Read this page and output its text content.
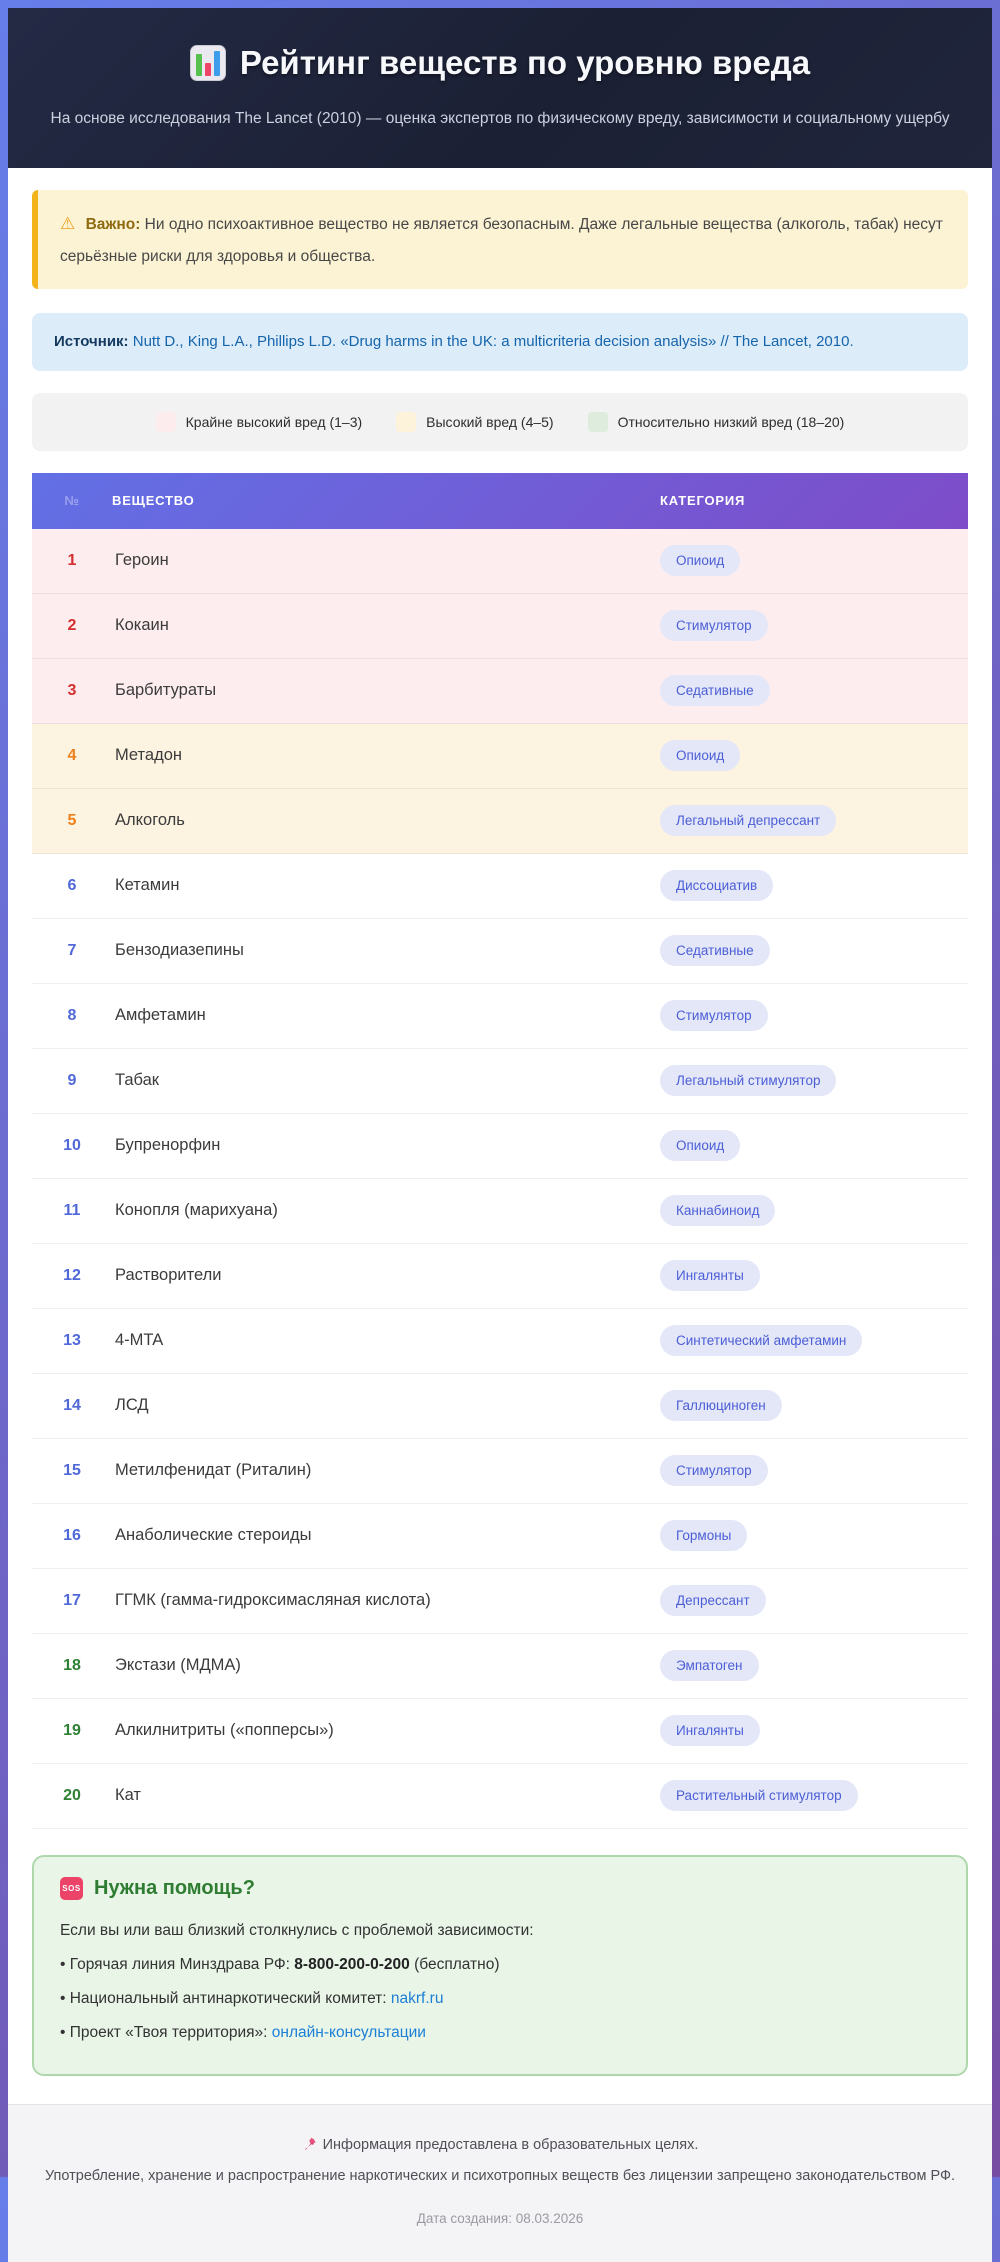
Рейтинг веществ по уровню вреда
На основе исследования The Lancet (2010) — оценка экспертов по физическому вреду, зависимости и социальному ущербу
⚠ Важно: Ни одно психоактивное вещество не является безопасным. Даже легальные вещества (алкоголь, табак) несут серьёзные риски для здоровья и общества.
Источник: Nutt D., King L.A., Phillips L.D. «Drug harms in the UK: a multicriteria decision analysis» // The Lancet, 2010.
Крайне высокий вред (1–3)	Высокий вред (4–5)	Относительно низкий вред (18–20)
№	ВЕЩЕСТВО	КАТЕГОРИЯ
1	Героин	Опиоид
2	Кокаин	Стимулятор
3	Барбитураты	Седативные
4	Метадон	Опиоид
5	Алкоголь	Легальный депрессант
6	Кетамин	Диссоциатив
7	Бензодиазепины	Седативные
8	Амфетамин	Стимулятор
9	Табак	Легальный стимулятор
10	Бупренорфин	Опиоид
11	Конопля (марихуана)	Каннабиноид
12	Растворители	Ингалянты
13	4-MTA	Синтетический амфетамин
14	ЛСД	Галлюциноген
15	Метилфенидат (Риталин)	Стимулятор
16	Анаболические стероиды	Гормоны
17	ГГМК (гамма-гидроксимасляная кислота)	Депрессант
18	Экстази (МДМА)	Эмпатоген
19	Алкилнитриты («попперсы»)	Ингалянты
20	Кат	Растительный стимулятор
SOS Нужна помощь?
Если вы или ваш близкий столкнулись с проблемой зависимости:
• Горячая линия Минздрава РФ: 8-800-200-0-200 (бесплатно)
• Национальный антинаркотический комитет: nakrf.ru
• Проект «Твоя территория»: онлайн-консультации
Информация предоставлена в образовательных целях.
Употребление, хранение и распространение наркотических и психотропных веществ без лицензии запрещено законодательством РФ.
Дата создания: 08.03.2026
